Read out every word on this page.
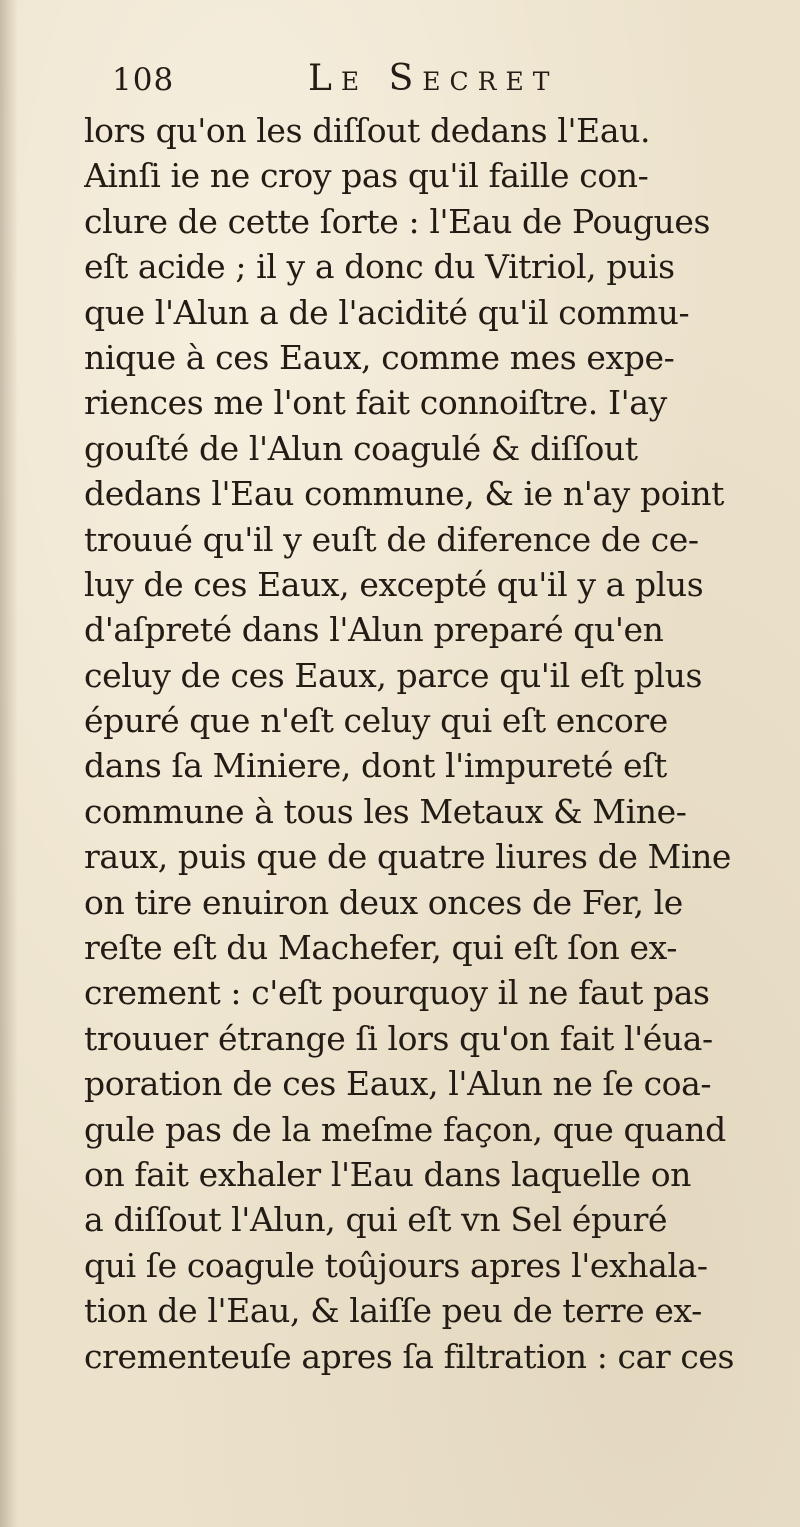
108	Le Secret
lors qu'on les diſſout dedans l'Eau.
Ainſi ie ne croy pas qu'il faille con-
clure de cette ſorte : l'Eau de Pougues
eſt acide ; il y a donc du Vitriol, puis
que l'Alun a de l'acidité qu'il commu-
nique à ces Eaux, comme mes expe-
riences me l'ont fait connoiſtre. I'ay
gouſté de l'Alun coagulé & diſſout
dedans l'Eau commune, & ie n'ay point
trouué qu'il y euſt de diference de ce-
luy de ces Eaux, excepté qu'il y a plus
d'aſpreté dans l'Alun preparé qu'en
celuy de ces Eaux, parce qu'il eſt plus
épuré que n'eſt celuy qui eſt encore
dans ſa Miniere, dont l'impureté eſt
commune à tous les Metaux & Mine-
raux, puis que de quatre liures de Mine
on tire enuiron deux onces de Fer, le
reſte eſt du Machefer, qui eſt ſon ex-
crement : c'eſt pourquoy il ne faut pas
trouuer étrange ſi lors qu'on fait l'éua-
poration de ces Eaux, l'Alun ne ſe coa-
gule pas de la meſme façon, que quand
on fait exhaler l'Eau dans laquelle on
a diſſout l'Alun, qui eſt vn Sel épuré
qui ſe coagule toûjours apres l'exhala-
tion de l'Eau, & laiſſe peu de terre ex-
crementeuſe apres ſa filtration : car ces
